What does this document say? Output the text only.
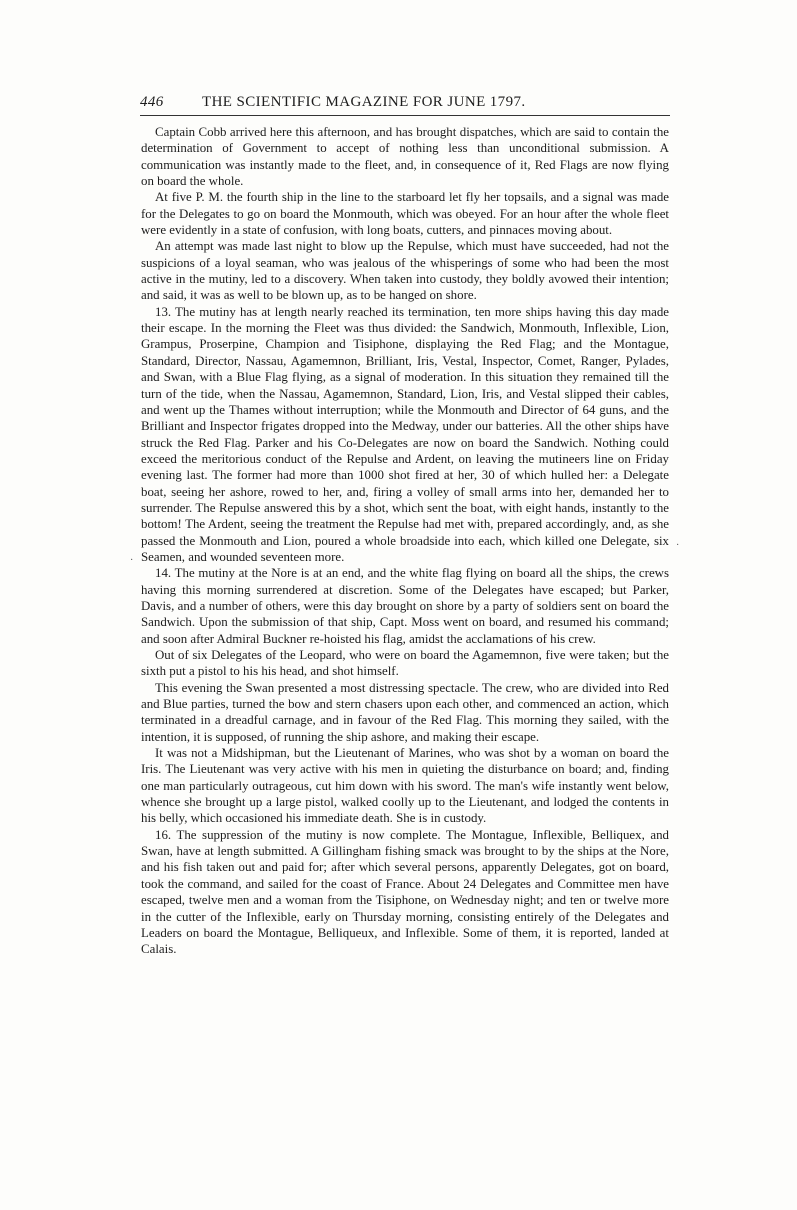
446	THE SCIENTIFIC MAGAZINE FOR JUNE 1797.

Captain Cobb arrived here this afternoon, and has brought dispatches, which are said to contain the determination of Government to accept of nothing less than unconditional submission. A communication was instantly made to the fleet, and, in consequence of it, Red Flags are now flying on board the whole.

At five P. M. the fourth ship in the line to the starboard let fly her topsails, and a signal was made for the Delegates to go on board the Monmouth, which was obeyed. For an hour after the whole fleet were evidently in a state of confusion, with long boats, cutters, and pinnaces moving about.

An attempt was made last night to blow up the Repulse, which must have succeeded, had not the suspicions of a loyal seaman, who was jealous of the whisperings of some who had been the most active in the mutiny, led to a discovery. When taken into custody, they boldly avowed their intention; and said, it was as well to be blown up, as to be hanged on shore.

13. The mutiny has at length nearly reached its termination, ten more ships having this day made their escape. In the morning the Fleet was thus divided: the Sandwich, Monmouth, Inflexible, Lion, Grampus, Proserpine, Champion and Tisiphone, displaying the Red Flag; and the Montague, Standard, Director, Nassau, Agamemnon, Brilliant, Iris, Vestal, Inspector, Comet, Ranger, Pylades, and Swan, with a Blue Flag flying, as a signal of moderation. In this situation they remained till the turn of the tide, when the Nassau, Agamemnon, Standard, Lion, Iris, and Vestal slipped their cables, and went up the Thames without interruption; while the Monmouth and Director of 64 guns, and the Brilliant and Inspector frigates dropped into the Medway, under our batteries. All the other ships have struck the Red Flag. Parker and his Co-Delegates are now on board the Sandwich. Nothing could exceed the meritorious conduct of the Repulse and Ardent, on leaving the mutineers line on Friday evening last. The former had more than 1000 shot fired at her, 30 of which hulled her: a Delegate boat, seeing her ashore, rowed to her, and, firing a volley of small arms into her, demanded her to surrender. The Repulse answered this by a shot, which sent the boat, with eight hands, instantly to the bottom! The Ardent, seeing the treatment the Repulse had met with, prepared accordingly, and, as she passed the Monmouth and Lion, poured a whole broadside into each, which killed one Delegate, six Seamen, and wounded seventeen more.

14. The mutiny at the Nore is at an end, and the white flag flying on board all the ships, the crews having this morning surrendered at discretion. Some of the Delegates have escaped; but Parker, Davis, and a number of others, were this day brought on shore by a party of soldiers sent on board the Sandwich. Upon the submission of that ship, Capt. Moss went on board, and resumed his command; and soon after Admiral Buckner re-hoisted his flag, amidst the acclamations of his crew.

Out of six Delegates of the Leopard, who were on board the Agamemnon, five were taken; but the sixth put a pistol to his his head, and shot himself.

This evening the Swan presented a most distressing spectacle. The crew, who are divided into Red and Blue parties, turned the bow and stern chasers upon each other, and commenced an action, which terminated in a dreadful carnage, and in favour of the Red Flag. This morning they sailed, with the intention, it is supposed, of running the ship ashore, and making their escape.

It was not a Midshipman, but the Lieutenant of Marines, who was shot by a woman on board the Iris. The Lieutenant was very active with his men in quieting the disturbance on board; and, finding one man particularly outrageous, cut him down with his sword. The man's wife instantly went below, whence she brought up a large pistol, walked coolly up to the Lieutenant, and lodged the contents in his belly, which occasioned his immediate death. She is in custody.

16. The suppression of the mutiny is now complete. The Montague, Inflexible, Belliquex, and Swan, have at length submitted. A Gillingham fishing smack was brought to by the ships at the Nore, and his fish taken out and paid for; after which several persons, apparently Delegates, got on board, took the command, and sailed for the coast of France. About 24 Delegates and Committee men have escaped, twelve men and a woman from the Tisiphone, on Wednesday night; and ten or twelve more in the cutter of the Inflexible, early on Thursday morning, consisting entirely of the Delegates and Leaders on board the Montague, Belliqueux, and Inflexible. Some of them, it is reported, landed at Calais.

·
·
